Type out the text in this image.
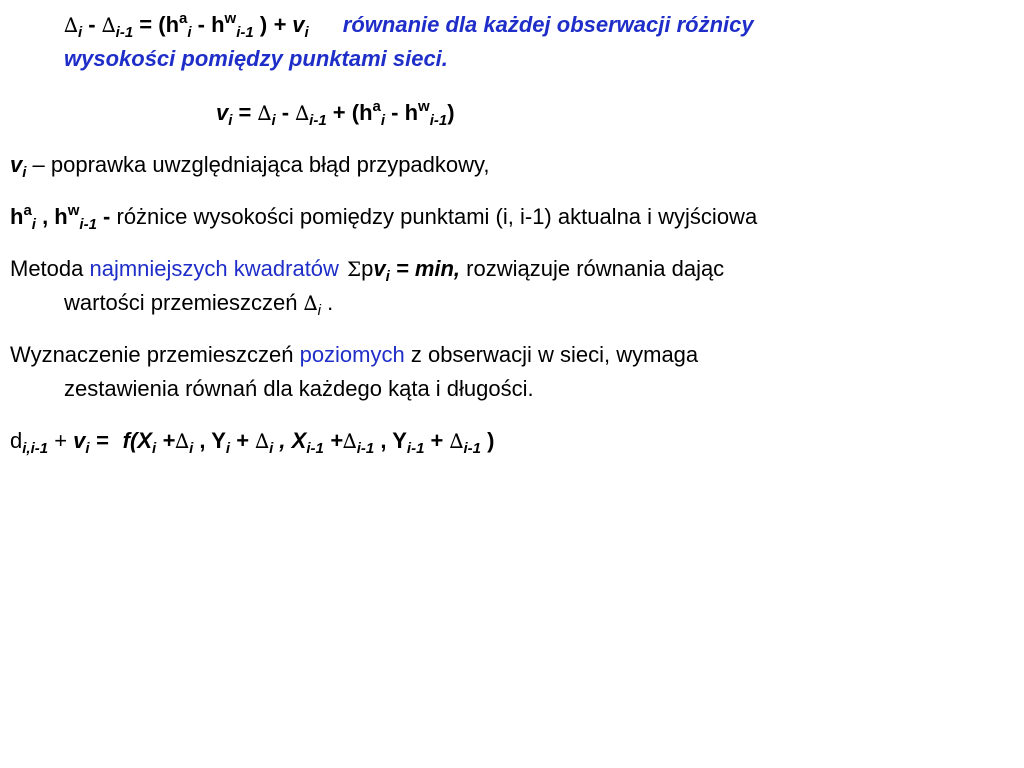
$\Delta_i - \Delta_{i-1} = (h^a_i - h^w_{i-1}$ ) + $v_i$ równanie dla każdej obserwacji różnicy
wysokości pomiędzy punktami sieci.
$v_i = \Delta_i - \Delta_{i-1} + (h^a_i - h^w_{i-1})$
$v_i$ – poprawka uwzględniająca błąd przypadkowy,
$h^a_i$ , $h^w_{i-1}$ - różnice wysokości pomiędzy punktami (i, i-1) aktualna i wyjściowa
Metoda najmniejszych kwadratów Σpv$_i$ = min, rozwiązuje równania dając
wartości przemieszczeń $\Delta_i$ .
Wyznaczenie przemieszczeń poziomych z obserwacji w sieci, wymaga
zestawienia równań dla każdego kąta i długości.
$d_{i,i-1} + v_i = f(X_i +\Delta_i$ , $Y_i + \Delta_i$ , $X_{i-1} +\Delta_{i-1}$ , $Y_{i-1} + \Delta_{i-1}$ )
